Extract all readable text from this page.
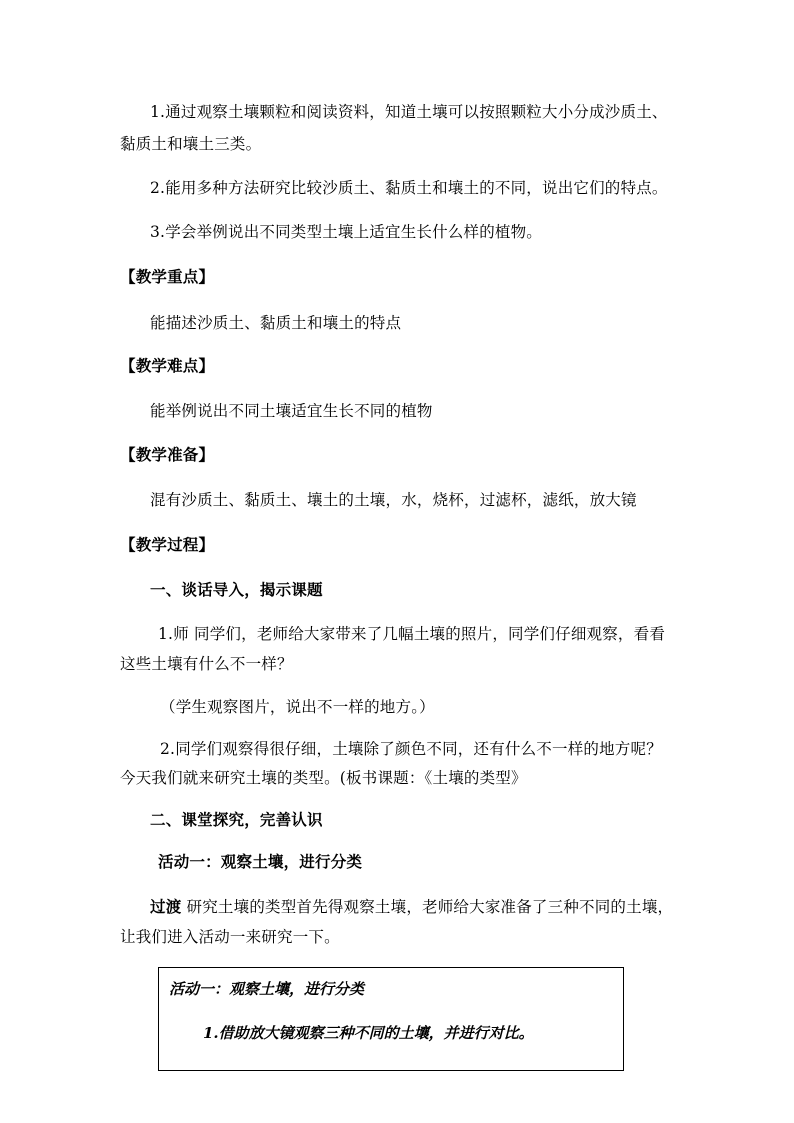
1.通过观察土壤颗粒和阅读资料，知道土壤可以按照颗粒大小分成沙质土、
黏质土和壤土三类。
2.能用多种方法研究比较沙质土、黏质土和壤土的不同，说出它们的特点。
3.学会举例说出不同类型土壤上适宜生长什么样的植物。
【教学重点】
能描述沙质土、黏质土和壤土的特点
【教学难点】
能举例说出不同土壤适宜生长不同的植物
【教学准备】
混有沙质土、黏质土、壤土的土壤，水，烧杯，过滤杯，滤纸，放大镜
【教学过程】
一、谈话导入，揭示课题
1.师 同学们，老师给大家带来了几幅土壤的照片，同学们仔细观察，看看
这些土壤有什么不一样？
（学生观察图片，说出不一样的地方。）
2.同学们观察得很仔细，土壤除了颜色不同，还有什么不一样的地方呢？
今天我们就来研究土壤的类型。(板书课题：《土壤的类型》
二、课堂探究，完善认识
活动一：观察土壤，进行分类
过渡 研究土壤的类型首先得观察土壤，老师给大家准备了三种不同的土壤，
让我们进入活动一来研究一下。
活动一：观察土壤，进行分类
1.借助放大镜观察三种不同的土壤，并进行对比。
